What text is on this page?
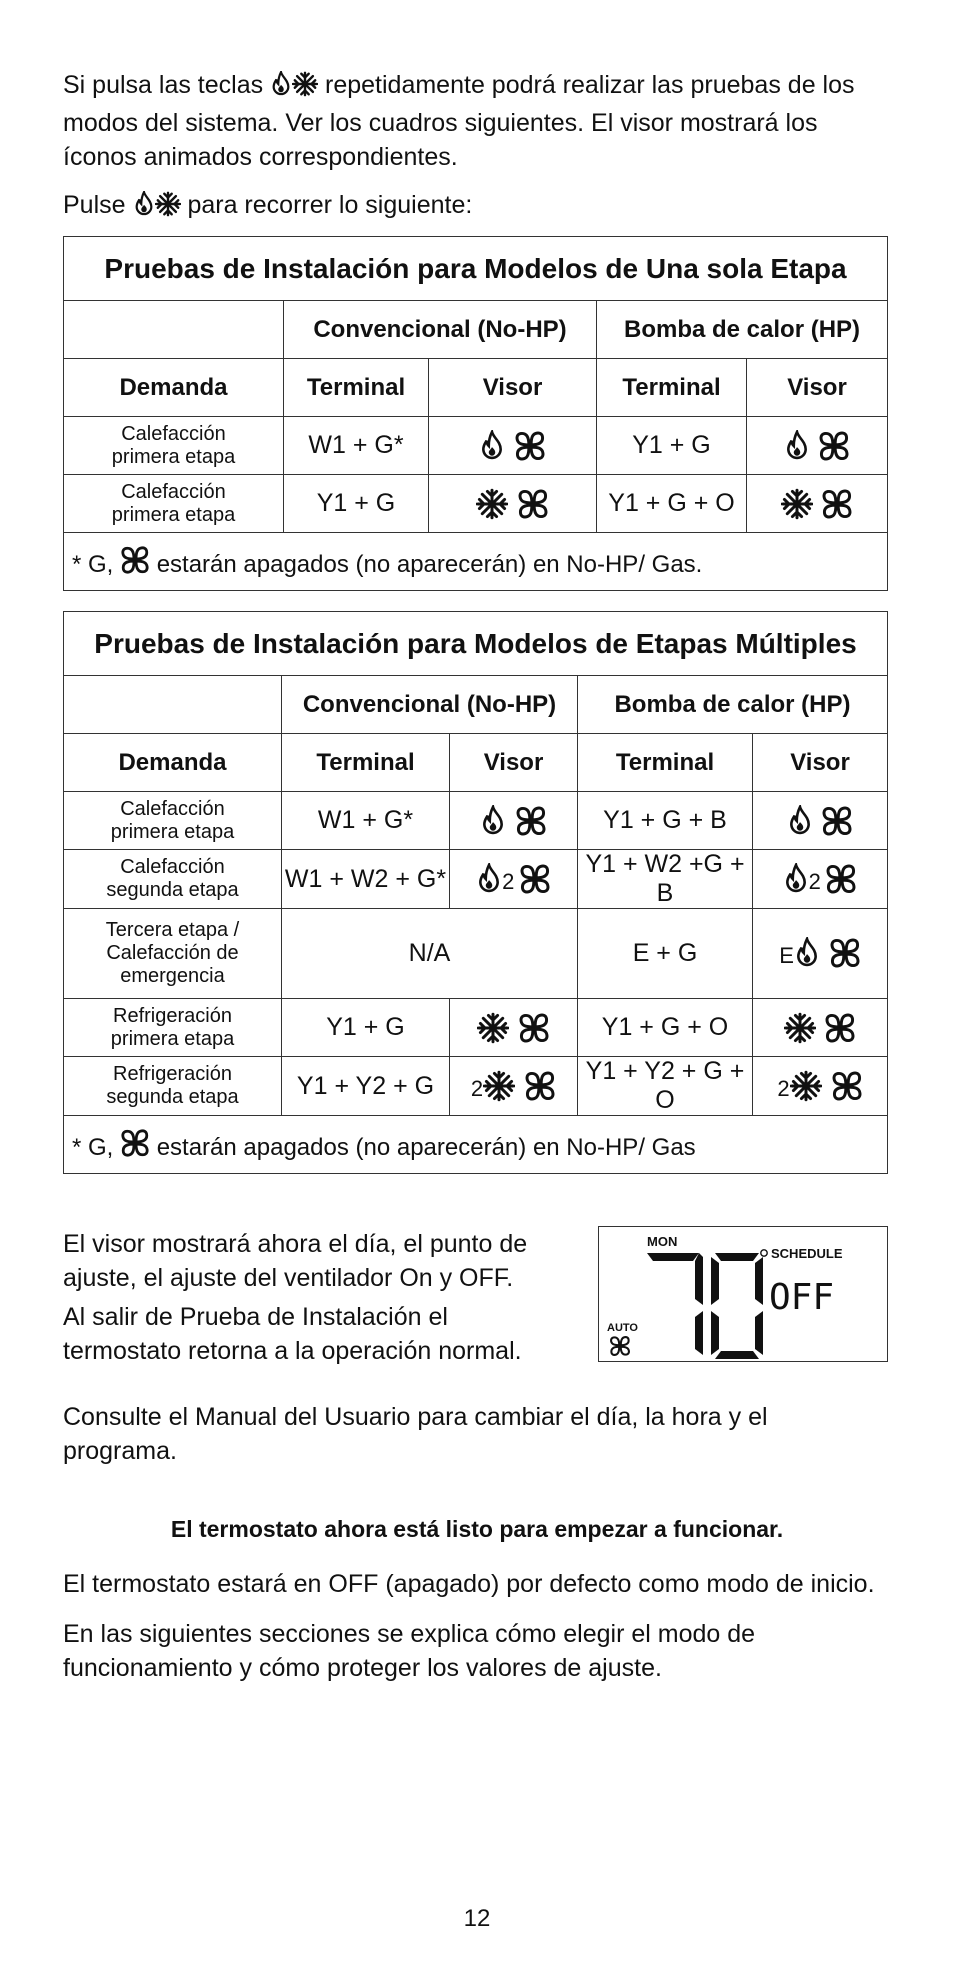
Si pulsa las teclas repetidamente podrá realizar las pruebas de los
modos del sistema. Ver los cuadros siguientes. El visor mostrará los
íconos animados correspondientes.

Pulse para recorrer lo siguiente:

Pruebas de Instalación para Modelos de Una sola Etapa				
	Convencional (No-HP)		Bomba de calor (HP)	
Demanda	Terminal	Visor	Terminal	Visor
Calefacción
primera etapa	W1 + G*		Y1 + G	
Calefacción
primera etapa	Y1 + G		Y1 + G + O	
* G, estarán apagados (no aparecerán) en No-HP/ Gas.				
Pruebas de Instalación para Modelos de Etapas Múltiples				
	Convencional (No-HP)		Bomba de calor (HP)	
Demanda	Terminal	Visor	Terminal	Visor
Calefacción
primera etapa	W1 + G*		Y1 + G + B	
Calefacción
segunda etapa	W1 + W2 + G*	2	Y1 + W2 +G + B	2
Tercera etapa /
Calefacción de
emergencia	N/A		E + G	E
Refrigeración
primera etapa	Y1 + G		Y1 + G + O	
Refrigeración
segunda etapa	Y1 + Y2 + G	2	Y1 + Y2 + G + O	2
* G, estarán apagados (no aparecerán) en No-HP/ Gas				

El visor mostrará ahora el día, el punto de
ajuste, el ajuste del ventilador On y OFF.

Al salir de Prueba de Instalación el
termostato retorna a la operación normal.

MON
SCHEDULE
AUTO
OFF

Consulte el Manual del Usuario para cambiar el día, la hora y el
programa.

El termostato ahora está listo para empezar a funcionar.

El termostato estará en OFF (apagado) por defecto como modo de inicio.

En las siguientes secciones se explica cómo elegir el modo de
funcionamiento y cómo proteger los valores de ajuste.

12
